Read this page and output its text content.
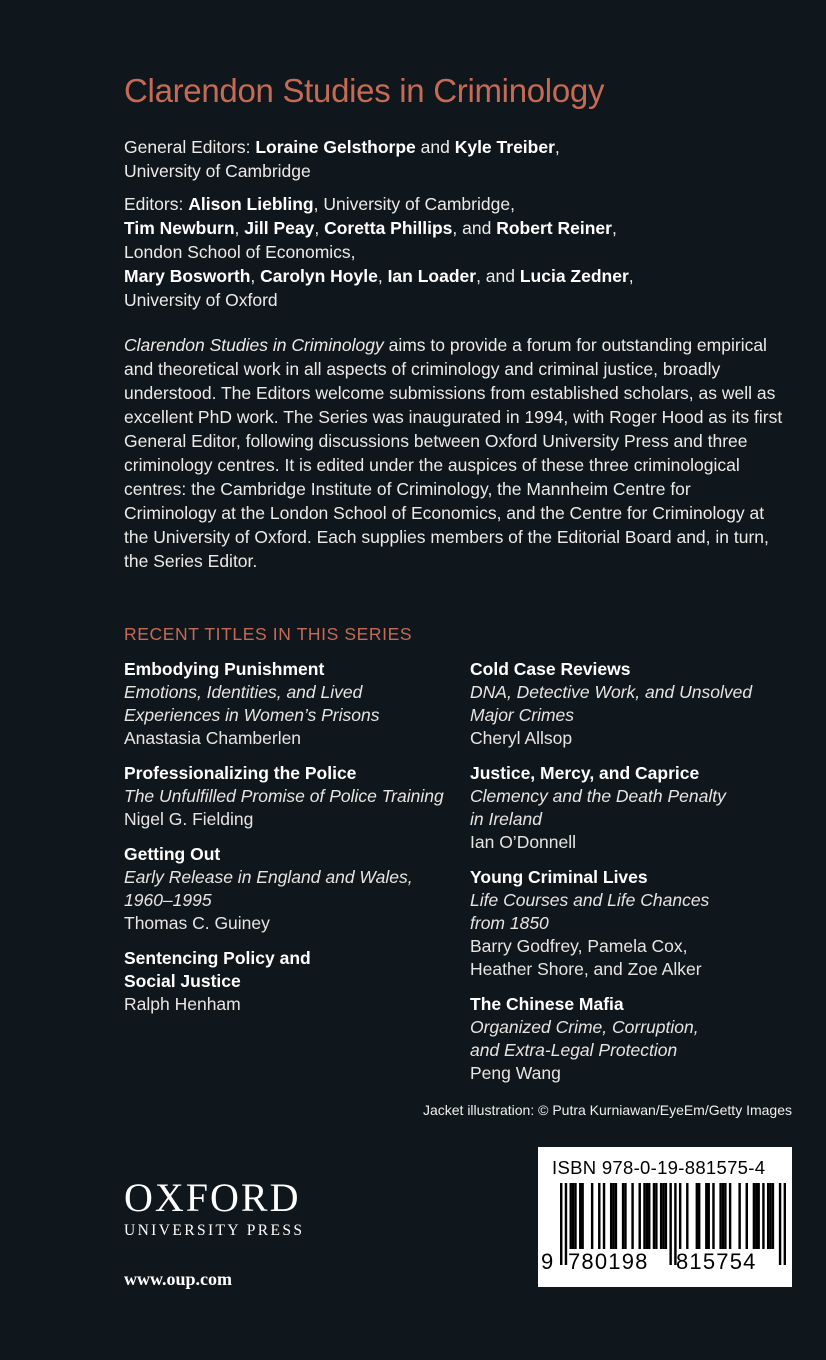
Clarendon Studies in Criminology

General Editors: Loraine Gelsthorpe and Kyle Treiber,
University of Cambridge

Editors: Alison Liebling, University of Cambridge,
Tim Newburn, Jill Peay, Coretta Phillips, and Robert Reiner,
London School of Economics,
Mary Bosworth, Carolyn Hoyle, Ian Loader, and Lucia Zedner,
University of Oxford

Clarendon Studies in Criminology aims to provide a forum for outstanding empirical and theoretical work in all aspects of criminology and criminal justice, broadly understood. The Editors welcome submissions from established scholars, as well as excellent PhD work. The Series was inaugurated in 1994, with Roger Hood as its first General Editor, following discussions between Oxford University Press and three criminology centres. It is edited under the auspices of these three criminological centres: the Cambridge Institute of Criminology, the Mannheim Centre for Criminology at the London School of Economics, and the Centre for Criminology at the University of Oxford. Each supplies members of the Editorial Board and, in turn, the Series Editor.

RECENT TITLES IN THIS SERIES
Embodying Punishment
Emotions, Identities, and Lived Experiences in Women’s Prisons
Anastasia Chamberlen
Professionalizing the Police
The Unfulfilled Promise of Police Training
Nigel G. Fielding
Getting Out
Early Release in England and Wales, 1960–1995
Thomas C. Guiney
Sentencing Policy and Social Justice
Ralph Henham
Cold Case Reviews
DNA, Detective Work, and Unsolved Major Crimes
Cheryl Allsop
Justice, Mercy, and Caprice
Clemency and the Death Penalty in Ireland
Ian O’Donnell
Young Criminal Lives
Life Courses and Life Chances from 1850
Barry Godfrey, Pamela Cox, Heather Shore, and Zoe Alker
The Chinese Mafia
Organized Crime, Corruption, and Extra-Legal Protection
Peng Wang
Jacket illustration: © Putra Kurniawan/EyeEm/Getty Images
OXFORD
UNIVERSITY PRESS
www.oup.com
ISBN 978-0-19-881575-4
9 780198 815754
